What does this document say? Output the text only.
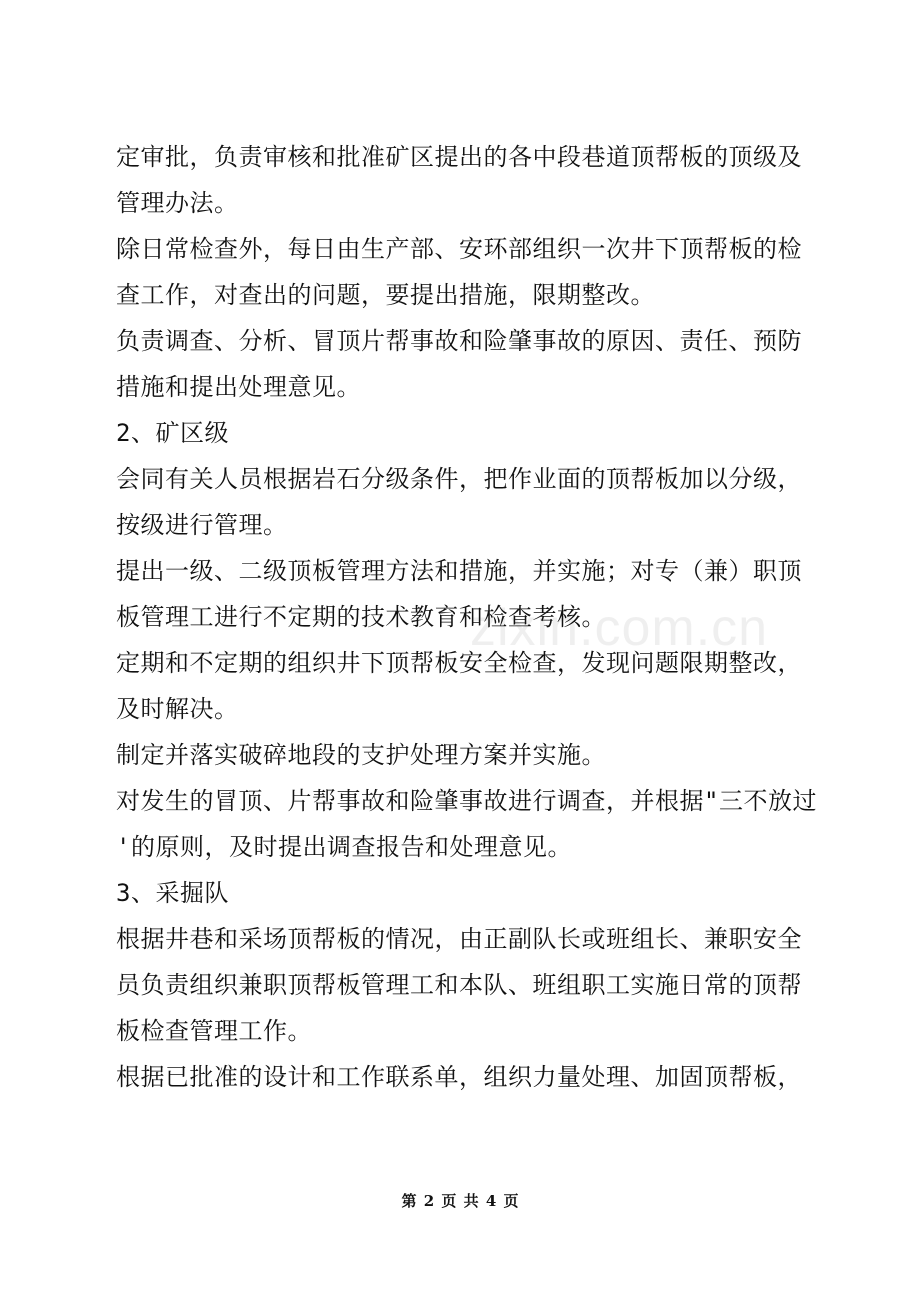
zixin.com.cn
定审批，负责审核和批准矿区提出的各中段巷道顶帮板的顶级及
管理办法。
除日常检查外，每日由生产部、安环部组织一次井下顶帮板的检
查工作，对查出的问题，要提出措施，限期整改。
负责调查、分析、冒顶片帮事故和险肇事故的原因、责任、预防
措施和提出处理意见。
2、矿区级
会同有关人员根据岩石分级条件，把作业面的顶帮板加以分级，
按级进行管理。
提出一级、二级顶板管理方法和措施，并实施；对专（兼）职顶
板管理工进行不定期的技术教育和检查考核。
定期和不定期的组织井下顶帮板安全检查，发现问题限期整改，
及时解决。
制定并落实破碎地段的支护处理方案并实施。
对发生的冒顶、片帮事故和险肇事故进行调查，并根据"三不放过
'的原则，及时提出调查报告和处理意见。
3、采掘队
根据井巷和采场顶帮板的情况，由正副队长或班组长、兼职安全
员负责组织兼职顶帮板管理工和本队、班组职工实施日常的顶帮
板检查管理工作。
根据已批准的设计和工作联系单，组织力量处理、加固顶帮板，
第 2 页 共 4 页
